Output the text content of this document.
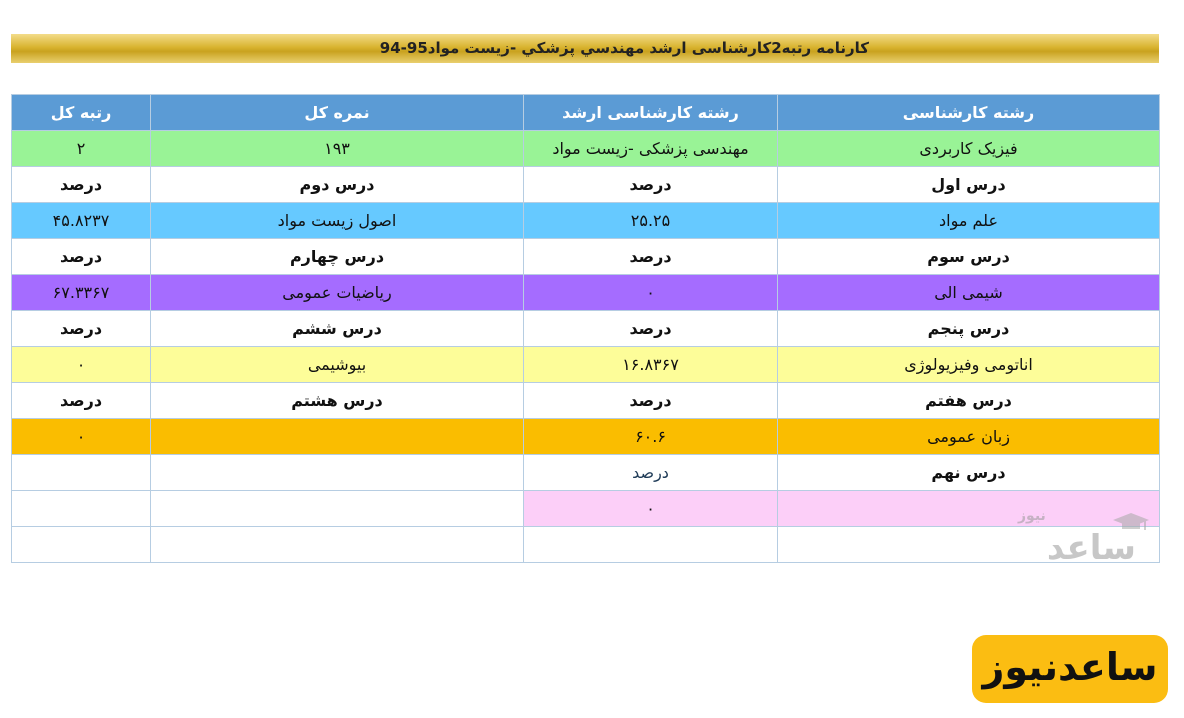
کارنامه رتبه2کارشناسی ارشد مهندسي پزشکي -زيست مواد95-94
رشته کارشناسی	رشته کارشناسی ارشد	نمره کل	رتبه کل
فیزیک کاربردی	مهندسی پزشکی -زیست مواد	۱۹۳	۲
درس اول	درصد	درس دوم	درصد
علم مواد	۲۵.۲۵	اصول زیست مواد	۴۵.۸۲۳۷
درس سوم	درصد	درس چهارم	درصد
شیمی الی	۰	ریاضیات عمومی	۶۷.۳۳۶۷
درس پنجم	درصد	درس ششم	درصد
اناتومی وفیزیولوژی	۱۶.۸۳۶۷	بیوشیمی	۰
درس هفتم	درصد	درس هشتم	درصد
زبان عمومی	۶۰.۶		۰
درس نهم	درصد		
	۰		

ساعد
نیوز
ساعدنیوز
